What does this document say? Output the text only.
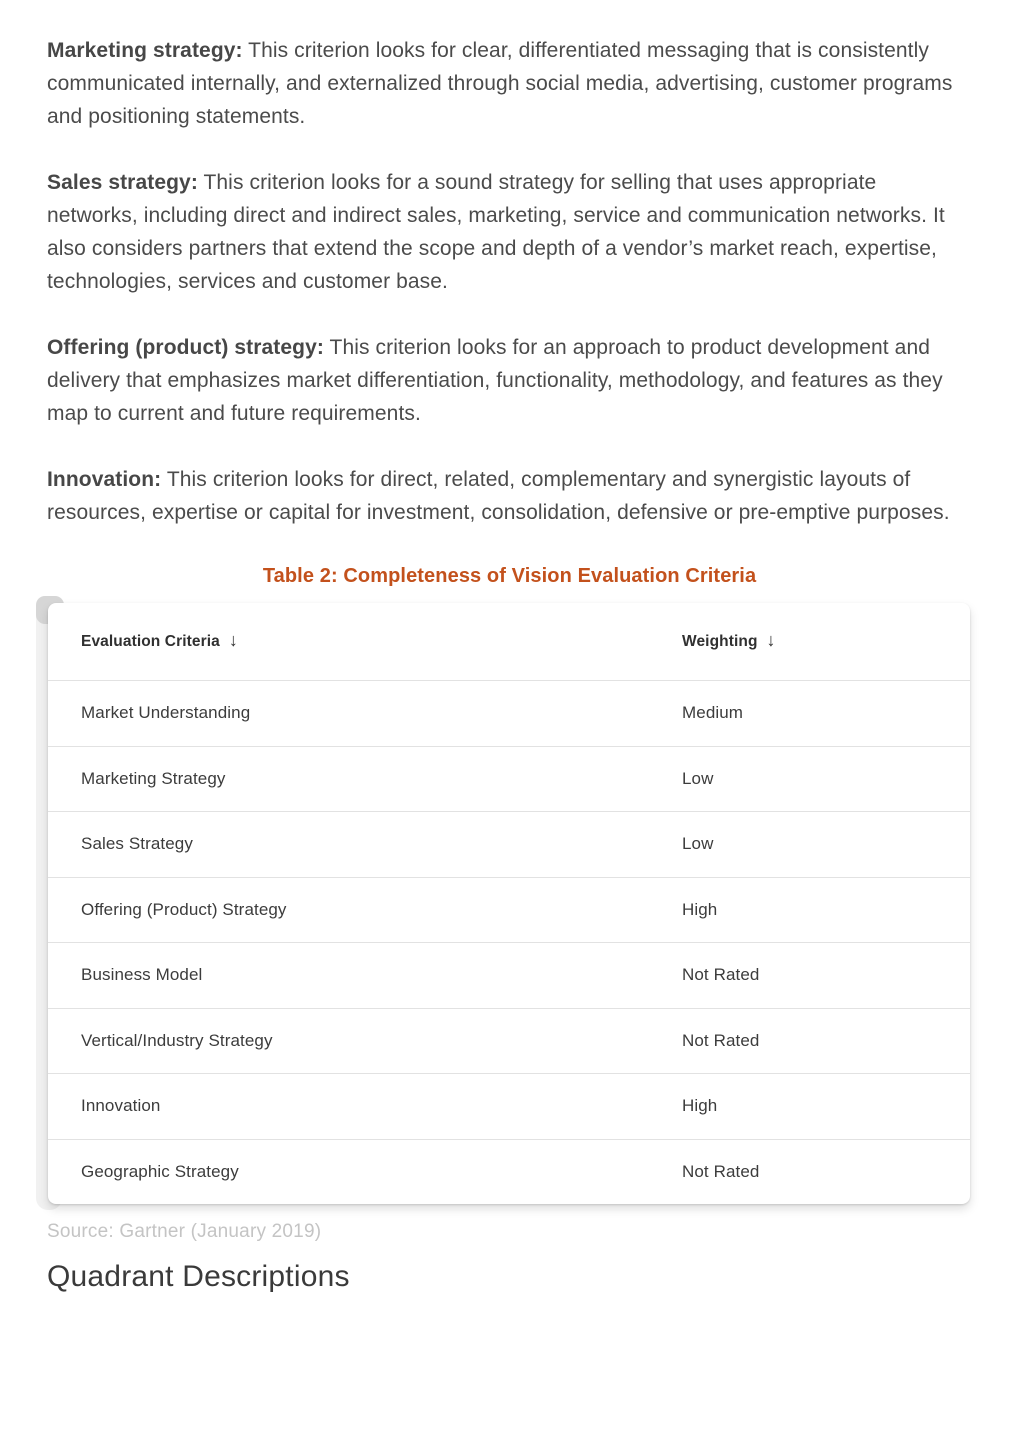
Marketing strategy: This criterion looks for clear, differentiated messaging that is consistently communicated internally, and externalized through social media, advertising, customer programs and positioning statements.

Sales strategy: This criterion looks for a sound strategy for selling that uses appropriate networks, including direct and indirect sales, marketing, service and communication networks. It also considers partners that extend the scope and depth of a vendor’s market reach, expertise, technologies, services and customer base.

Offering (product) strategy: This criterion looks for an approach to product development and delivery that emphasizes market differentiation, functionality, methodology, and features as they map to current and future requirements.

Innovation: This criterion looks for direct, related, complementary and synergistic layouts of resources, expertise or capital for investment, consolidation, defensive or pre-emptive purposes.

Table 2: Completeness of Vision Evaluation Criteria
Evaluation Criteria ↓	Weighting ↓
Market Understanding	Medium
Marketing Strategy	Low
Sales Strategy	Low
Offering (Product) Strategy	High
Business Model	Not Rated
Vertical/Industry Strategy	Not Rated
Innovation	High
Geographic Strategy	Not Rated
Source: Gartner (January 2019)
Quadrant Descriptions
